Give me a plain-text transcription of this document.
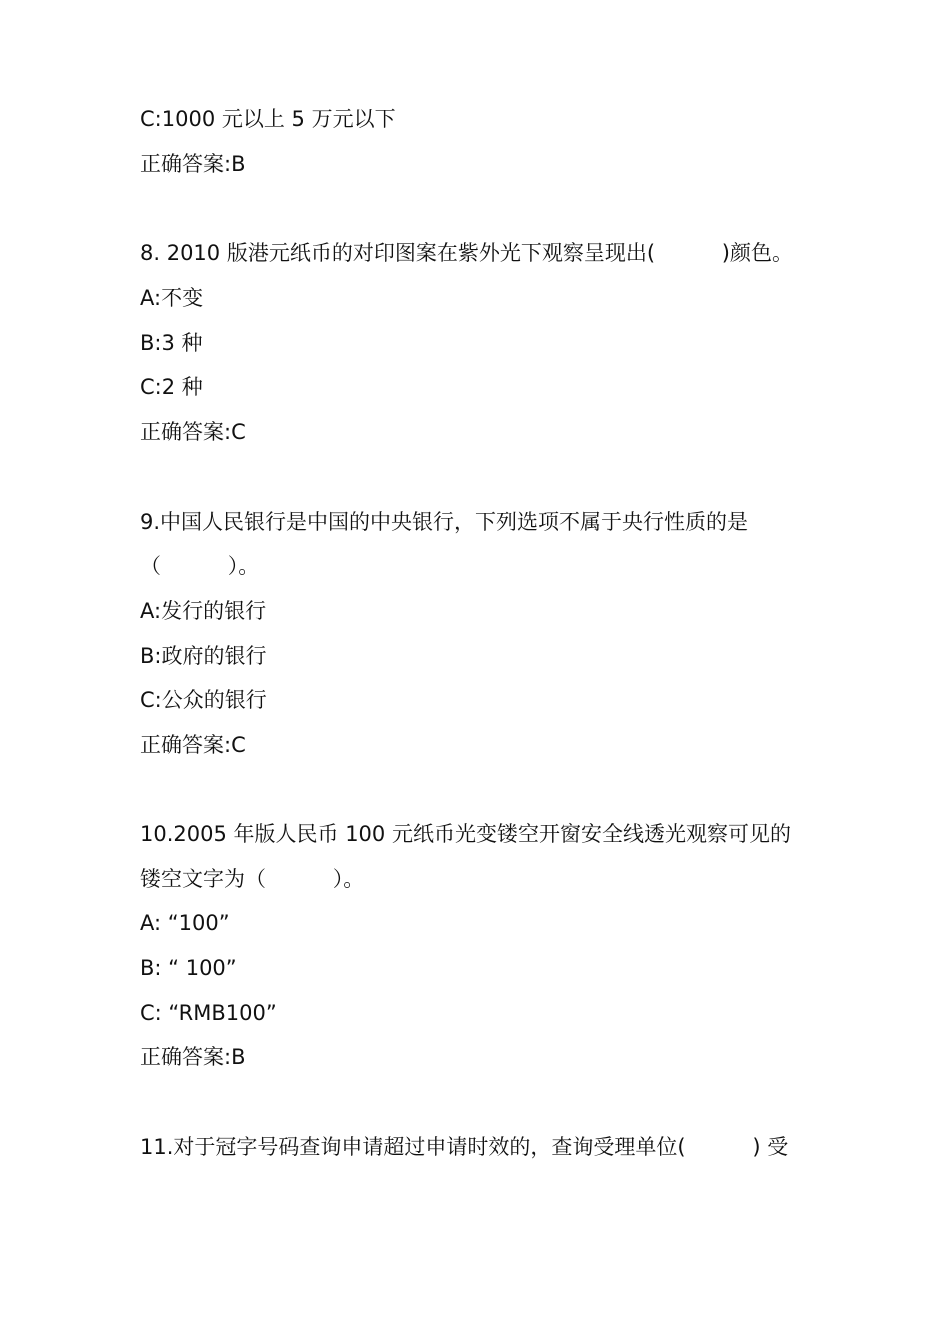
C:1000 元以上 5 万元以下
正确答案:B
8. 2010 版港元纸币的对印图案在紫外光下观察呈现出(          )颜色。
A:不变
B:3 种
C:2 种
正确答案:C
9.中国人民银行是中国的中央银行，下列选项不属于央行性质的是
（          ）。
A:发行的银行
B:政府的银行
C:公众的银行
正确答案:C
10.2005 年版人民币 100 元纸币光变镂空开窗安全线透光观察可见的
镂空文字为（          ）。
A: “100”
B: “ 100”
C: “RMB100”
正确答案:B
11.对于冠字号码查询申请超过申请时效的，查询受理单位(          ) 受
